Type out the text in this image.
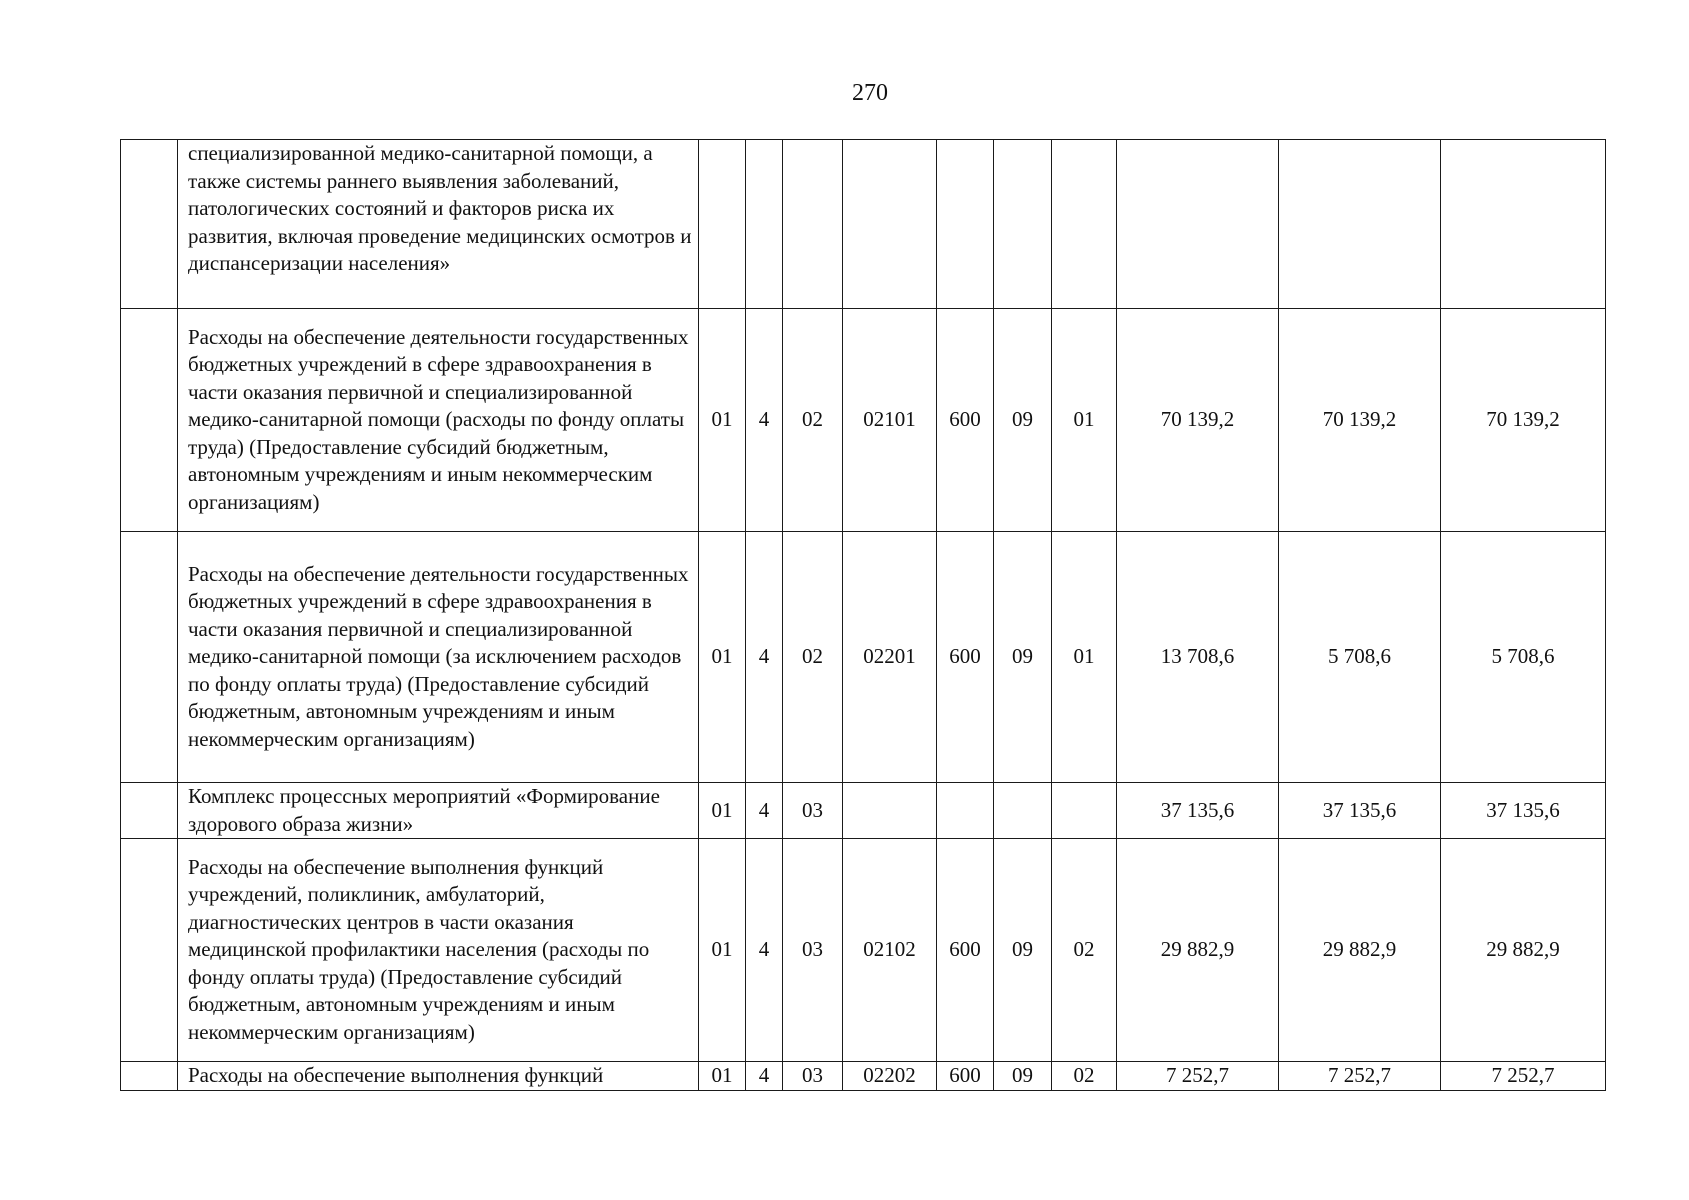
270
	специализированной медико-санитарной помощи, а также системы раннего выявления заболеваний, патологических состояний и факторов риска их развития, включая проведение медицинских осмотров и диспансеризации населения»										
	Расходы на обеспечение деятельности государственных бюджетных учреждений в сфере здравоохранения в части оказания первичной и специализированной медико-санитарной помощи (расходы по фонду оплаты труда) (Предоставление субсидий бюджетным, автономным учреждениям и иным некоммерческим организациям)	01	4	02	02101	600	09	01	70 139,2	70 139,2	70 139,2
	Расходы на обеспечение деятельности государственных бюджетных учреждений в сфере здравоохранения в части оказания первичной и специализированной медико-санитарной помощи (за исключением расходов по фонду оплаты труда) (Предоставление субсидий бюджетным, автономным учреждениям и иным некоммерческим организациям)	01	4	02	02201	600	09	01	13 708,6	5 708,6	5 708,6
	Комплекс процессных мероприятий «Формирование здорового образа жизни»	01	4	03					37 135,6	37 135,6	37 135,6
	Расходы на обеспечение выполнения функций учреждений, поликлиник, амбулаторий, диагностических центров в части оказания медицинской профилактики населения (расходы по фонду оплаты труда) (Предоставление субсидий бюджетным, автономным учреждениям и иным некоммерческим организациям)	01	4	03	02102	600	09	02	29 882,9	29 882,9	29 882,9
	Расходы на обеспечение выполнения функций	01	4	03	02202	600	09	02	7 252,7	7 252,7	7 252,7
